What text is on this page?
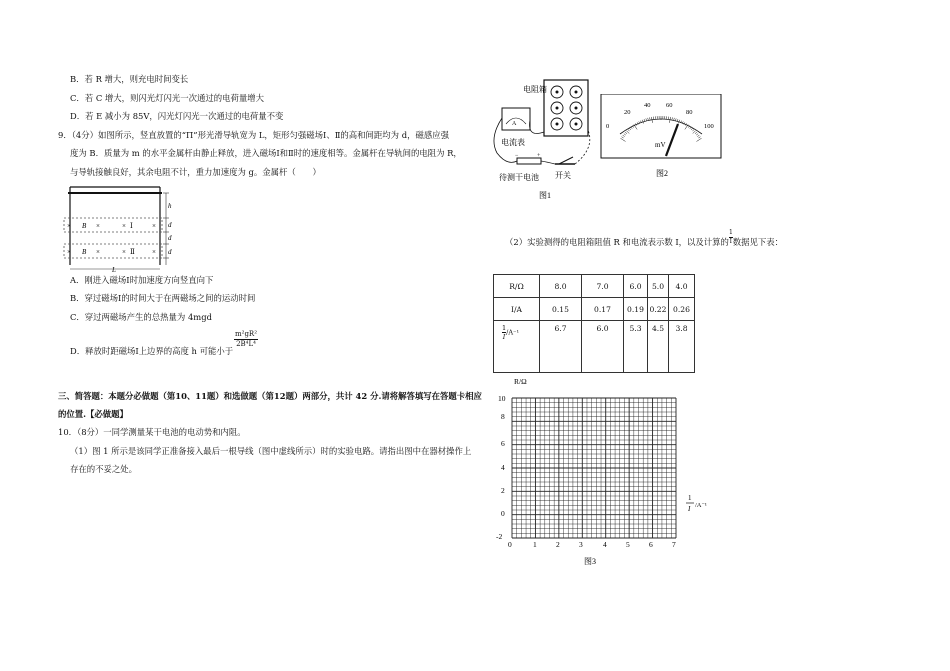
B．若 R 增大，则充电时间变长
C．若 C 增大，则闪光灯闪光一次通过的电荷量增大
D．若 E 减小为 85V，闪光灯闪光一次通过的电荷量不变
9．（4分）如图所示，竖直放置的“Π”形光滑导轨宽为 L，矩形匀强磁场Ⅰ、Ⅱ的高和间距均为 d，磁感应强
度为 B．质量为 m 的水平金属杆由静止释放，进入磁场Ⅰ和Ⅱ时的速度相等。金属杆在导轨间的电阻为 R，
与导轨接触良好，其余电阻不计，重力加速度为 g。金属杆（　　）
× B ×	× Ⅰ	×
× B ×	× Ⅱ ×
h
d
d
d
L
A．刚进入磁场Ⅰ时加速度方向竖直向下
B．穿过磁场Ⅰ的时间大于在两磁场之间的运动时间
C．穿过两磁场产生的总热量为 4mgd
D．释放时距磁场Ⅰ上边界的高度 h 可能小于
$\frac{\text{m²gR²}}{\text{2B⁴L⁴}}$
三、简答题：本题分必做题（第10、11题）和选做题（第12题）两部分，共计 42 分.请将解答填写在答题卡相应
的位置.【必做题】
10．（8分）一同学测量某干电池的电动势和内阻。
（1）图 1 所示是该同学正准备接入最后一根导线（图中虚线所示）时的实验电路。请指出图中在器材操作上
存在的不妥之处。
电阻箱
A
电流表
−	+
待测干电池 开关
图1
0
20
40 60
80
100
mV
图2
（2）实验测得的电阻箱阻值 R 和电流表示数 I，以及计算的 $\frac{1}{I}$ 数据见下表：
R/Ω	8.0	7.0	6.0	5.0	4.0
I/A	0.15	0.17	0.19	0.22	0.26

$\frac{1}{I} /A^{-1}$	6.7	6.0	5.3	4.5	3.8
R/Ω
10
8
6
4
2
0
-2
0	1	2	3	4	5	6	7
1
I /A⁻¹
图3
